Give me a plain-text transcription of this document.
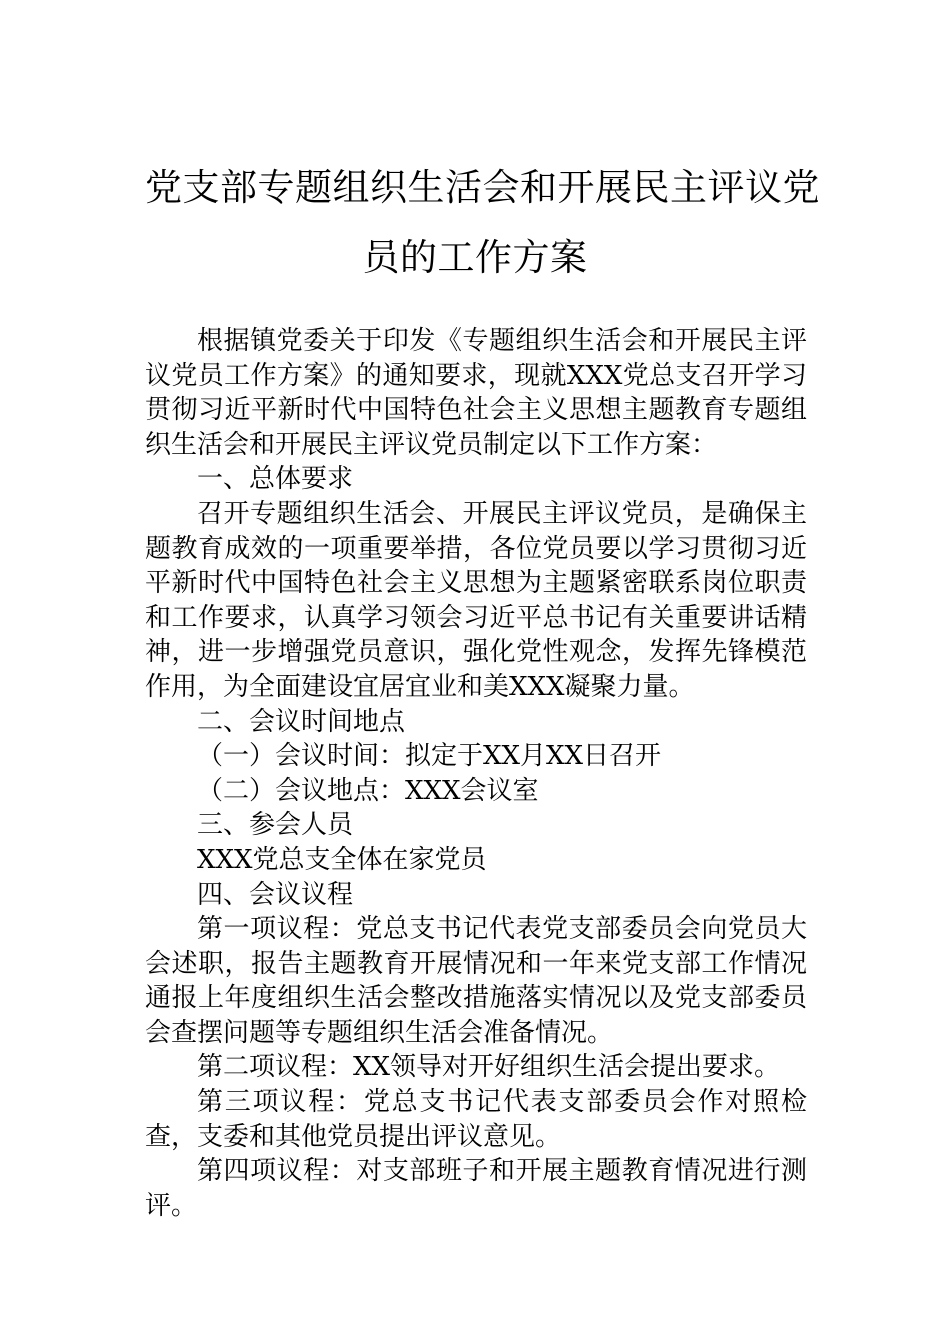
党支部专题组织生活会和开展民主评议党
员的工作方案

根据镇党委关于印发《专题组织生活会和开展民主评议党员工作方案》的通知要求，现就XXX党总支召开学习贯彻习近平新时代中国特色社会主义思想主题教育专题组织生活会和开展民主评议党员制定以下工作方案：

一、总体要求

召开专题组织生活会、开展民主评议党员，是确保主题教育成效的一项重要举措，各位党员要以学习贯彻习近平新时代中国特色社会主义思想为主题紧密联系岗位职责和工作要求，认真学习领会习近平总书记有关重要讲话精神，进一步增强党员意识，强化党性观念，发挥先锋模范作用，为全面建设宜居宜业和美XXX凝聚力量。

二、会议时间地点

（一）会议时间：拟定于XX月XX日召开

（二）会议地点：XXX会议室

三、参会人员

XXX党总支全体在家党员

四、会议议程

第一项议程：党总支书记代表党支部委员会向党员大会述职，报告主题教育开展情况和一年来党支部工作情况通报上年度组织生活会整改措施落实情况以及党支部委员会查摆问题等专题组织生活会准备情况。

第二项议程：XX领导对开好组织生活会提出要求。

第三项议程：党总支书记代表支部委员会作对照检查，支委和其他党员提出评议意见。

第四项议程：对支部班子和开展主题教育情况进行测评。
